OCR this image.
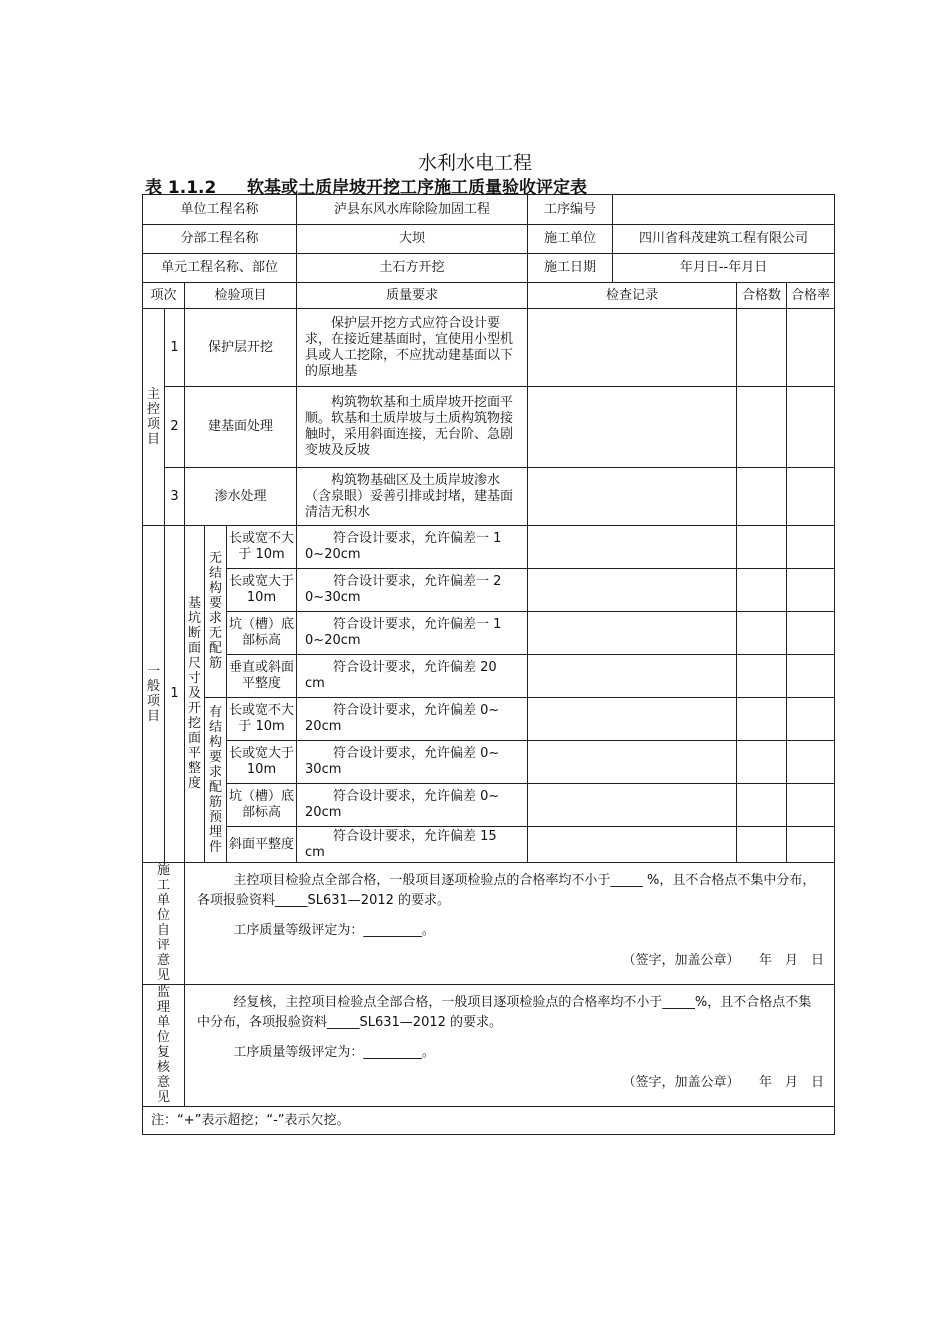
水利水电工程
表 1.1.2 软基或土质岸坡开挖工序施工质量验收评定表
单位工程名称					泸县东风水库除险加固工程	工序编号		

分部工程名称					大坝	施工单位 四川省科茂建筑工程有限公司		

单元工程名称、部位					土石方开挖	施工日期 年月日--年月日		

项次		检验项目			质量要求	检查记录	合格数	合格率
主控项目	1	保护层开挖			保护层开挖方式应符合设计要求，在接近建基面时，宜使用小型机具或人工挖除，不应扰动建基面以下的原地基			
	2	建基面处理			构筑物软基和土质岸坡开挖面平顺。软基和土质岸坡与土质构筑物接触时，采用斜面连接，无台阶、急剧变坡及反坡			
	3	渗水处理			构筑物基础区及土质岸坡渗水（含泉眼）妥善引排或封堵，建基面清洁无积水			
一般项目	1	基坑断面尺寸及开挖面平整度	无结构要求无配筋	长或宽不大于 10m	符合设计要求，允许偏差一 1
0~20cm			

				长或宽大于 10m	符合设计要求，允许偏差一 2
0~30cm			

				坑（槽）底部标高	符合设计要求，允许偏差一 1
0~20cm			

				垂直或斜面平整度	符合设计要求，允许偏差 20
cm			

			有结构要求配筋预埋件	长或宽不大于 10m	符合设计要求，允许偏差 0~
20cm			

				长或宽大于 10m	符合设计要求，允许偏差 0~
30cm			

				坑（槽）底部标高	符合设计要求，允许偏差 0~
20cm			

				斜面平整度	符合设计要求，允许偏差 15
cm			

施工单位自评意见		主控项目检验点全部合格，一般项目逐项检验点的合格率均不小于_____ %，且不合格点不集中分布，各项报验资料_____SL631—2012 的要求。
工序质量等级评定为：_________。
（签字，加盖公章）　　年　月　日						

监理单位复核意见		经复核，主控项目检验点全部合格，一般项目逐项检验点的合格率均不小于_____%，且不合格点不集中分布，各项报验资料_____SL631—2012 的要求。
工序质量等级评定为：_________。
（签字，加盖公章）　　年　月　日						

注：“+”表示超挖；“-”表示欠挖。								
